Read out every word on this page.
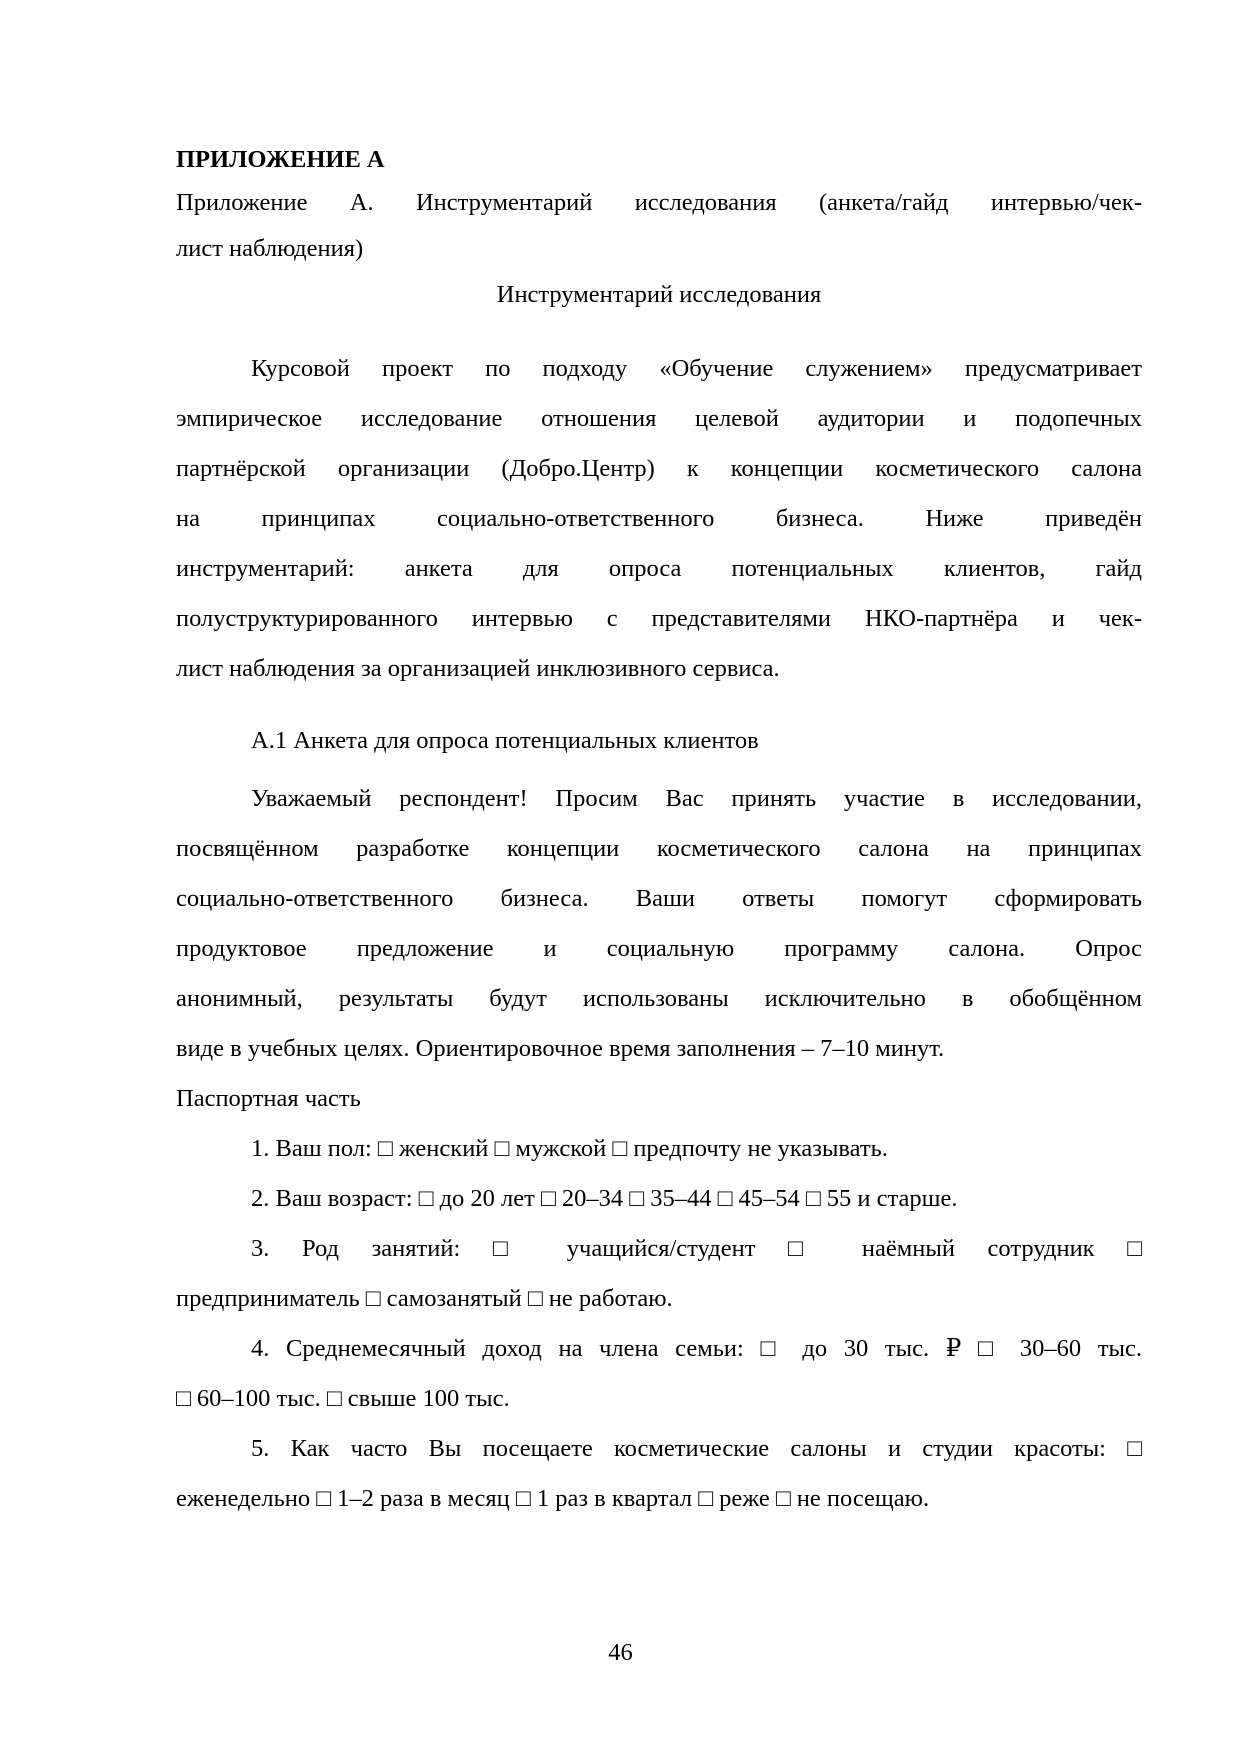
ПРИЛОЖЕНИЕ А
Приложение А. Инструментарий исследования (анкета/гайд интервью/чек-
лист наблюдения)
Инструментарий исследования
Курсовой проект по подходу «Обучение служением» предусматривает
эмпирическое исследование отношения целевой аудитории и подопечных
партнёрской организации (Добро.Центр) к концепции косметического салона
на принципах социально-ответственного бизнеса. Ниже приведён
инструментарий: анкета для опроса потенциальных клиентов, гайд
полуструктурированного интервью с представителями НКО-партнёра и чек-
лист наблюдения за организацией инклюзивного сервиса.
А.1 Анкета для опроса потенциальных клиентов
Уважаемый респондент! Просим Вас принять участие в исследовании,
посвящённом разработке концепции косметического салона на принципах
социально-ответственного бизнеса. Ваши ответы помогут сформировать
продуктовое предложение и социальную программу салона. Опрос
анонимный, результаты будут использованы исключительно в обобщённом
виде в учебных целях. Ориентировочное время заполнения – 7–10 минут.
Паспортная часть
1. Ваш пол: □ женский □ мужской □ предпочту не указывать.
2. Ваш возраст: □ до 20 лет □ 20–34 □ 35–44 □ 45–54 □ 55 и старше.
3. Род занятий: □ учащийся/студент □ наёмный сотрудник □
предприниматель □ самозанятый □ не работаю.
4. Среднемесячный доход на члена семьи: □ до 30 тыс. ₽ □ 30–60 тыс.
□ 60–100 тыс. □ свыше 100 тыс.
5. Как часто Вы посещаете косметические салоны и студии красоты: □
еженедельно □ 1–2 раза в месяц □ 1 раз в квартал □ реже □ не посещаю.
46
